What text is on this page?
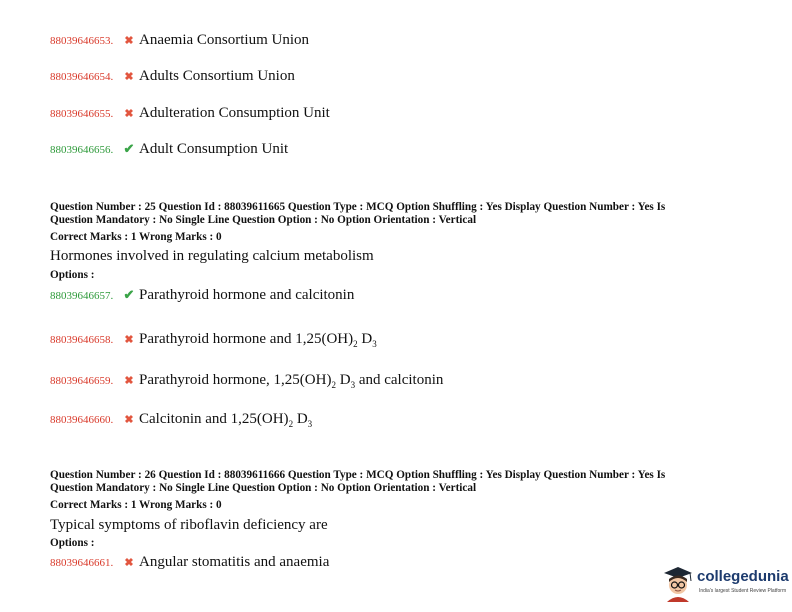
88039646653.	✖ Anaemia Consortium Union
88039646654.	✖ Adults Consortium Union
88039646655.	✖ Adulteration Consumption Unit
88039646656. ✔ Adult Consumption Unit
Question Number : 25 Question Id : 88039611665 Question Type : MCQ Option Shuffling : Yes Display Question Number : Yes Is
Question Mandatory : No Single Line Question Option : No Option Orientation : Vertical
Correct Marks : 1 Wrong Marks : 0
Hormones involved in regulating calcium metabolism
Options :
88039646657. ✔ Parathyroid hormone and calcitonin
88039646658.	✖ Parathyroid hormone and $1,25(OH)_2$ $D_3$
88039646659.	✖ Parathyroid hormone, $1,25(OH)_2$ $D_3$ and calcitonin
88039646660.	✖ Calcitonin and $1,25(OH)_2$ $D_3$
Question Number : 26 Question Id : 88039611666 Question Type : MCQ Option Shuffling : Yes Display Question Number : Yes Is
Question Mandatory : No Single Line Question Option : No Option Orientation : Vertical
Correct Marks : 1 Wrong Marks : 0
Typical symptoms of riboflavin deficiency are
Options :
88039646661.	✖ Angular stomatitis and anaemia
collegedunia
India's largest Student Review Platform
